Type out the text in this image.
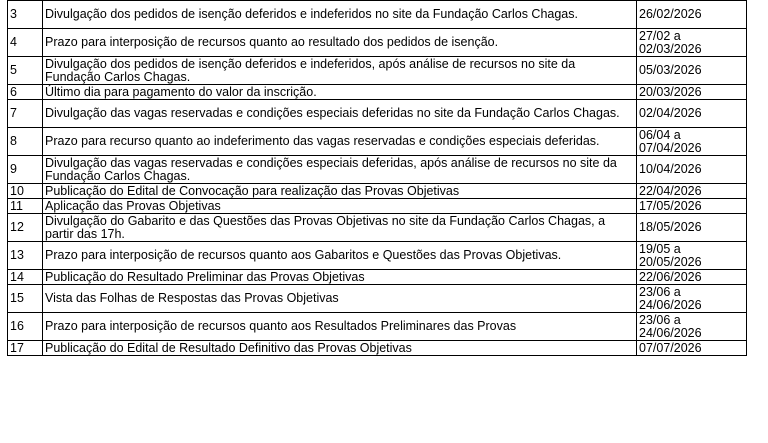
3	Divulgação dos pedidos de isenção deferidos e indeferidos no site da Fundação Carlos Chagas.	26/02/2026
4	Prazo para interposição de recursos quanto ao resultado dos pedidos de isenção.	27/02 a 02/03/2026
5	Divulgação dos pedidos de isenção deferidos e indeferidos, após análise de recursos no site da Fundação Carlos Chagas.	05/03/2026
6	Último dia para pagamento do valor da inscrição.	20/03/2026
7	Divulgação das vagas reservadas e condições especiais deferidas no site da Fundação Carlos Chagas.	02/04/2026
8	Prazo para recurso quanto ao indeferimento das vagas reservadas e condições especiais deferidas.	06/04 a 07/04/2026
9	Divulgação das vagas reservadas e condições especiais deferidas, após análise de recursos no site da Fundação Carlos Chagas.	10/04/2026
10	Publicação do Edital de Convocação para realização das Provas Objetivas	22/04/2026
11	Aplicação das Provas Objetivas	17/05/2026
12	Divulgação do Gabarito e das Questões das Provas Objetivas no site da Fundação Carlos Chagas, a partir das 17h.	18/05/2026
13	Prazo para interposição de recursos quanto aos Gabaritos e Questões das Provas Objetivas.	19/05 a 20/05/2026
14	Publicação do Resultado Preliminar das Provas Objetivas	22/06/2026
15	Vista das Folhas de Respostas das Provas Objetivas	23/06 a 24/06/2026
16	Prazo para interposição de recursos quanto aos Resultados Preliminares das Provas	23/06 a 24/06/2026
17	Publicação do Edital de Resultado Definitivo das Provas Objetivas	07/07/2026
